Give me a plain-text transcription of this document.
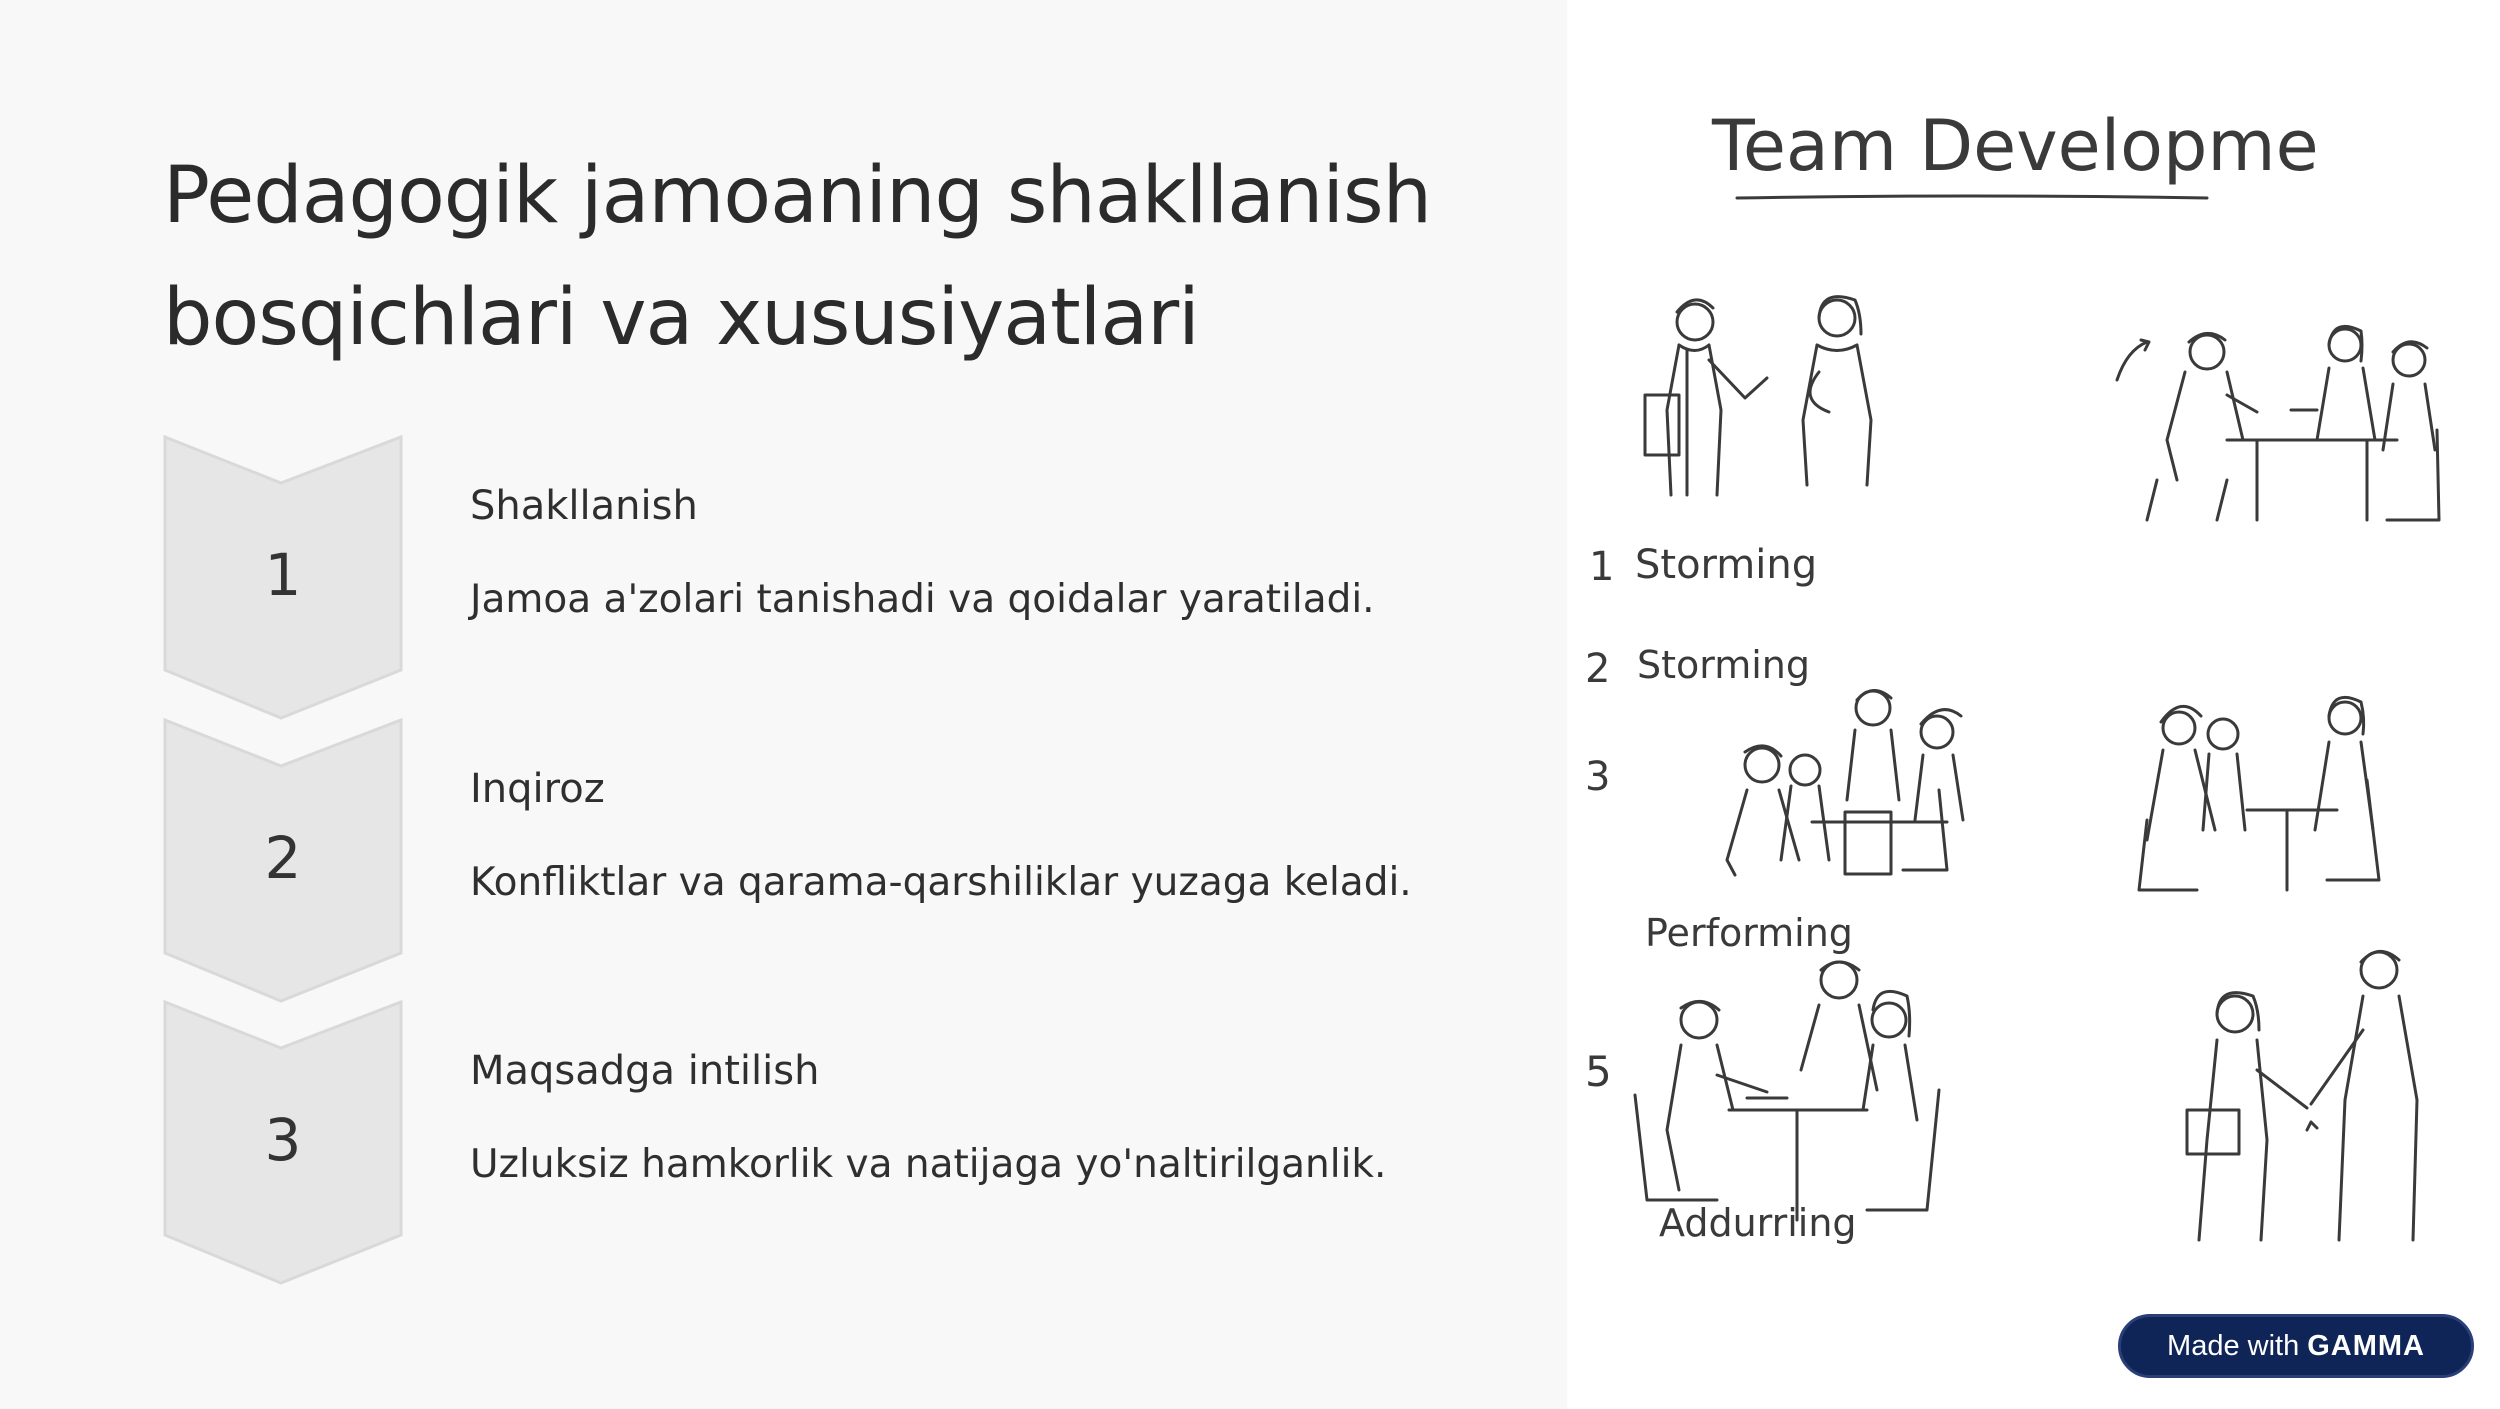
Pedagogik jamoaning shakllanish
bosqichlari va xususiyatlari
1
Shakllanish
Jamoa a'zolari tanishadi va qoidalar yaratiladi.
2
Inqiroz
Konfliktlar va qarama-qarshiliklar yuzaga keladi.
3
Maqsadga intilish
Uzluksiz hamkorlik va natijaga yo'naltirilganlik.
Team Developme
1 Storming
2 Storming
3
Performing
5
Addurriing
Made with GAMMA
